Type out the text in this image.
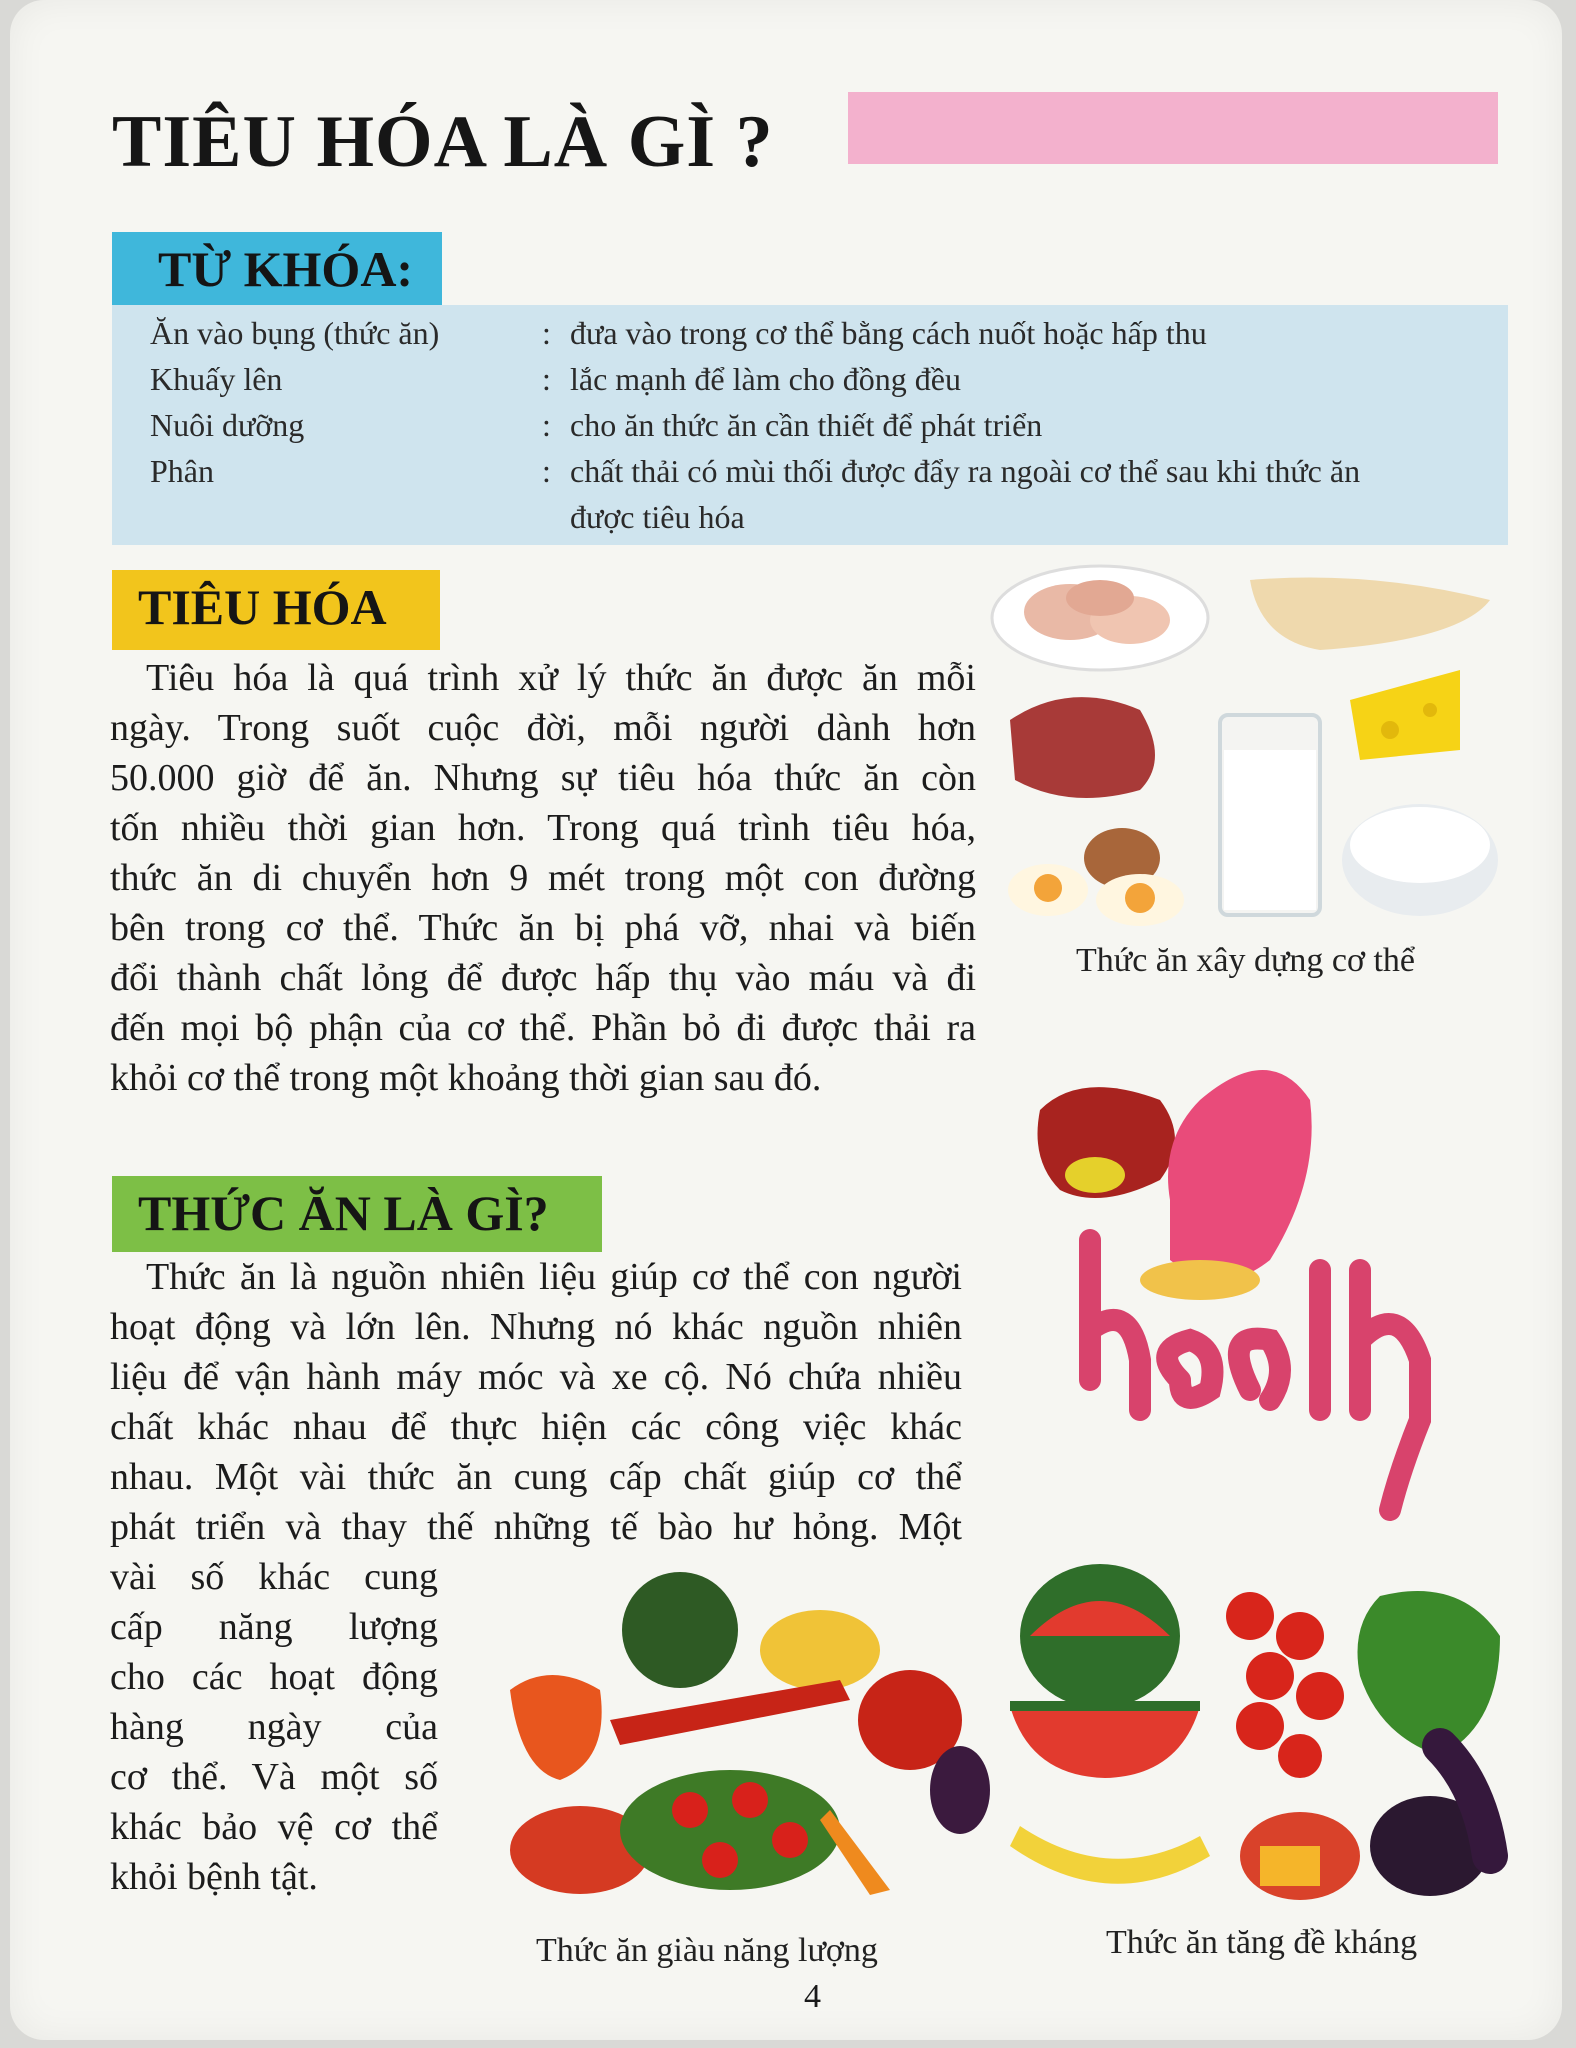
TIÊU HÓA LÀ GÌ ?
TỪ KHÓA:
Ăn vào bụng (thức ăn)	: đưa vào trong cơ thể bằng cách nuốt hoặc hấp thu
Khuấy lên	: lắc mạnh để làm cho đồng đều
Nuôi dưỡng	: cho ăn thức ăn cần thiết để phát triển
Phân	: chất thải có mùi thối được đẩy ra ngoài cơ thể sau khi thức ăn
được tiêu hóa
TIÊU HÓA
Tiêu hóa là quá trình xử lý thức ăn được ăn mỗi
ngày. Trong suốt cuộc đời, mỗi người dành hơn
50.000 giờ để ăn. Nhưng sự tiêu hóa thức ăn còn
tốn nhiều thời gian hơn. Trong quá trình tiêu hóa,
thức ăn di chuyển hơn 9 mét trong một con đường
bên trong cơ thể. Thức ăn bị phá vỡ, nhai và biến
đổi thành chất lỏng để được hấp thụ vào máu và đi
đến mọi bộ phận của cơ thể. Phần bỏ đi được thải ra
khỏi cơ thể trong một khoảng thời gian sau đó.
Thức ăn xây dựng cơ thể
THỨC ĂN LÀ GÌ?
Thức ăn là nguồn nhiên liệu giúp cơ thể con người
hoạt động và lớn lên. Nhưng nó khác nguồn nhiên
liệu để vận hành máy móc và xe cộ. Nó chứa nhiều
chất khác nhau để thực hiện các công việc khác
nhau. Một vài thức ăn cung cấp chất giúp cơ thể
phát triển và thay thế những tế bào hư hỏng. Một
vài số khác cung
cấp năng lượng
cho các hoạt động
hàng ngày của
cơ thể. Và một số
khác bảo vệ cơ thể
khỏi bệnh tật.
Thức ăn giàu năng lượng	Thức ăn tăng đề kháng
4
